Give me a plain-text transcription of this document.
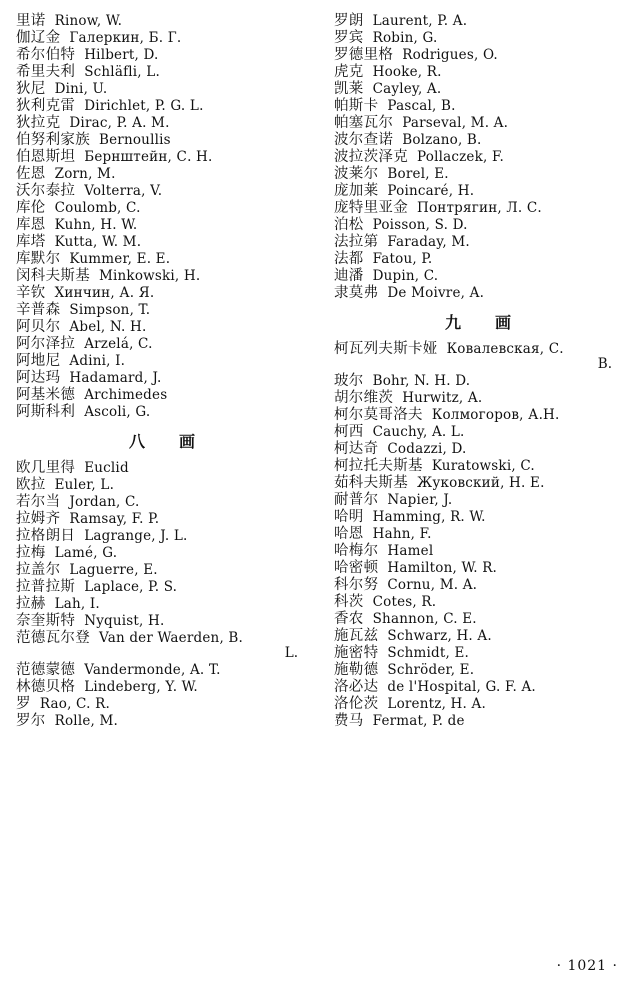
里诺 Rinow, W.
伽辽金 Галеркин, Б. Г.
希尔伯特 Hilbert, D.
希里夫利 Schläfli, L.
狄尼 Dini, U.
狄利克雷 Dirichlet, P. G. L.
狄拉克 Dirac, P. A. M.
伯努利家族 Bernoullis
伯恩斯坦 Бернштейн, С. Н.
佐恩 Zorn, M.
沃尔泰拉 Volterra, V.
库伦 Coulomb, C.
库恩 Kuhn, H. W.
库塔 Kutta, W. M.
库默尔 Kummer, E. E.
闵科夫斯基 Minkowski, H.
辛钦 Хинчин, А. Я.
辛普森 Simpson, T.
阿贝尔 Abel, N. H.
阿尔泽拉 Arzelá, C.
阿地尼 Adini, I.
阿达玛 Hadamard, J.
阿基米德 Archimedes
阿斯科利 Ascoli, G.
八	画
欧几里得 Euclid
欧拉 Euler, L.
若尔当 Jordan, C.
拉姆齐 Ramsay, F. P.
拉格朗日 Lagrange, J. L.
拉梅 Lamé, G.
拉盖尔 Laguerre, E.
拉普拉斯 Laplace, P. S.
拉赫 Lah, I.
奈奎斯特 Nyquist, H.
范德瓦尔登 Van der Waerden, B.
L.
范德蒙德 Vandermonde, A. T.
林德贝格 Lindeberg, Y. W.
罗 Rao, C. R.
罗尔 Rolle, M.
罗朗 Laurent, P. A.
罗宾 Robin, G.
罗德里格 Rodrigues, O.
虎克 Hooke, R.
凯莱 Cayley, A.
帕斯卡 Pascal, B.
帕塞瓦尔 Parseval, M. A.
波尔查诺 Bolzano, B.
波拉茨泽克 Pollaczek, F.
波莱尔 Borel, E.
庞加莱 Poincaré, H.
庞特里亚金 Понтрягин, Л. С.
泊松 Poisson, S. D.
法拉第 Faraday, M.
法都 Fatou, P.
迪潘 Dupin, C.
隶莫弗 De Moivre, A.
九	画
柯瓦列夫斯卡娅 Ковалевская, С.
B.
玻尔 Bohr, N. H. D.
胡尔维茨 Hurwitz, A.
柯尔莫哥洛夫 Колмогоров, А.Н.
柯西 Cauchy, A. L.
柯达奇 Codazzi, D.
柯拉托夫斯基 Kuratowski, C.
茹科夫斯基 Жуковский, Н. Е.
耐普尔 Napier, J.
哈明 Hamming, R. W.
哈恩 Hahn, F.
哈梅尔 Hamel
哈密顿 Hamilton, W. R.
科尔努 Cornu, M. A.
科茨 Cotes, R.
香农 Shannon, C. E.
施瓦兹 Schwarz, H. A.
施密特 Schmidt, E.
施勒德 Schröder, E.
洛必达 de l'Hospital, G. F. A.
洛伦茨 Lorentz, H. A.
费马 Fermat, P. de
· 1021 ·
